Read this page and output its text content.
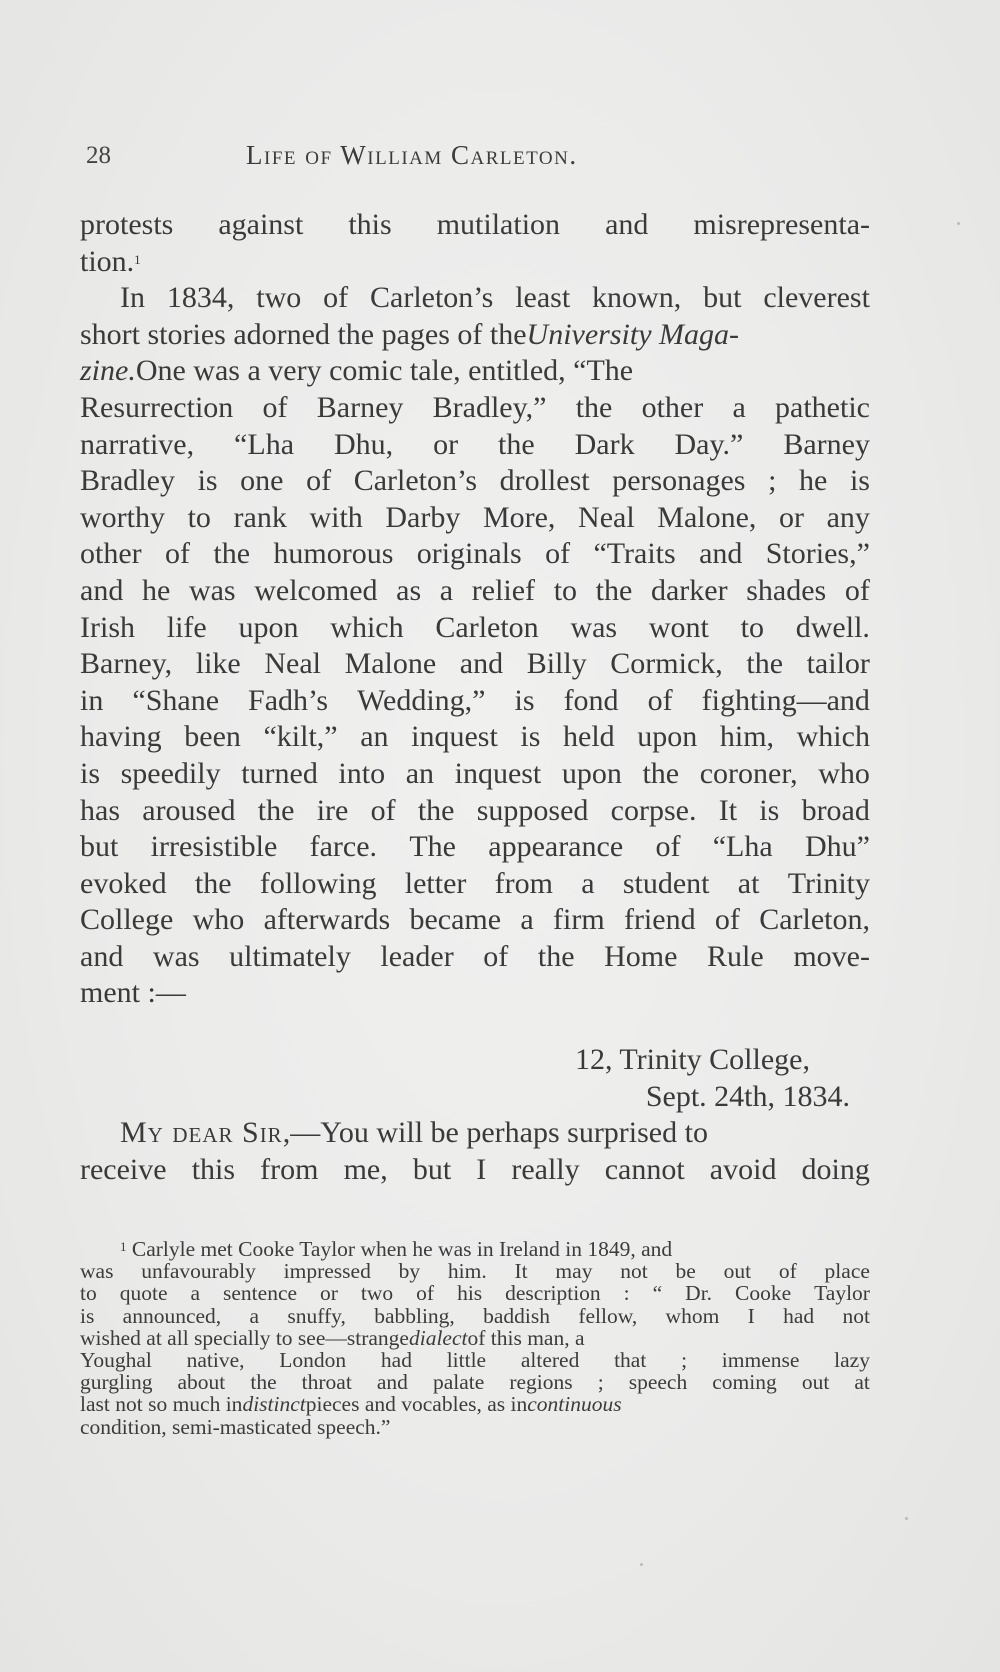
28	Life of William Carleton.
protests against this mutilation and misrepresenta-
tion.$^1$
In 1834, two of Carleton’s least known, but cleverest
short stories adorned the pages of theUniversity Maga-
zine.One was a very comic tale, entitled, “The
Resurrection of Barney Bradley,” the other a pathetic
narrative, “Lha Dhu, or the Dark Day.” Barney
Bradley is one of Carleton’s drollest personages ; he is
worthy to rank with Darby More, Neal Malone, or any
other of the humorous originals of “Traits and Stories,”
and he was welcomed as a relief to the darker shades of
Irish life upon which Carleton was wont to dwell.
Barney, like Neal Malone and Billy Cormick, the tailor
in “Shane Fadh’s Wedding,” is fond of fighting—and
having been “kilt,” an inquest is held upon him, which
is speedily turned into an inquest upon the coroner, who
has aroused the ire of the supposed corpse. It is broad
but irresistible farce. The appearance of “Lha Dhu”
evoked the following letter from a student at Trinity
College who afterwards became a firm friend of Carleton,
and was ultimately leader of the Home Rule move-
ment :—
12, Trinity College,
Sept. 24th, 1834.
My dear Sir,—You will be perhaps surprised to
receive this from me, but I really cannot avoid doing
$^1$ Carlyle met Cooke Taylor when he was in Ireland in 1849, and
was unfavourably impressed by him. It may not be out of place
to quote a sentence or two of his description : “ Dr. Cooke Taylor
is announced, a snuffy, babbling, baddish fellow, whom I had not
wished at all specially to see—strangedialectof this man, a
Youghal native, London had little altered that ; immense lazy
gurgling about the throat and palate regions ; speech coming out at
last not so much indistinctpieces and vocables, as incontinuous
condition, semi-masticated speech.”
